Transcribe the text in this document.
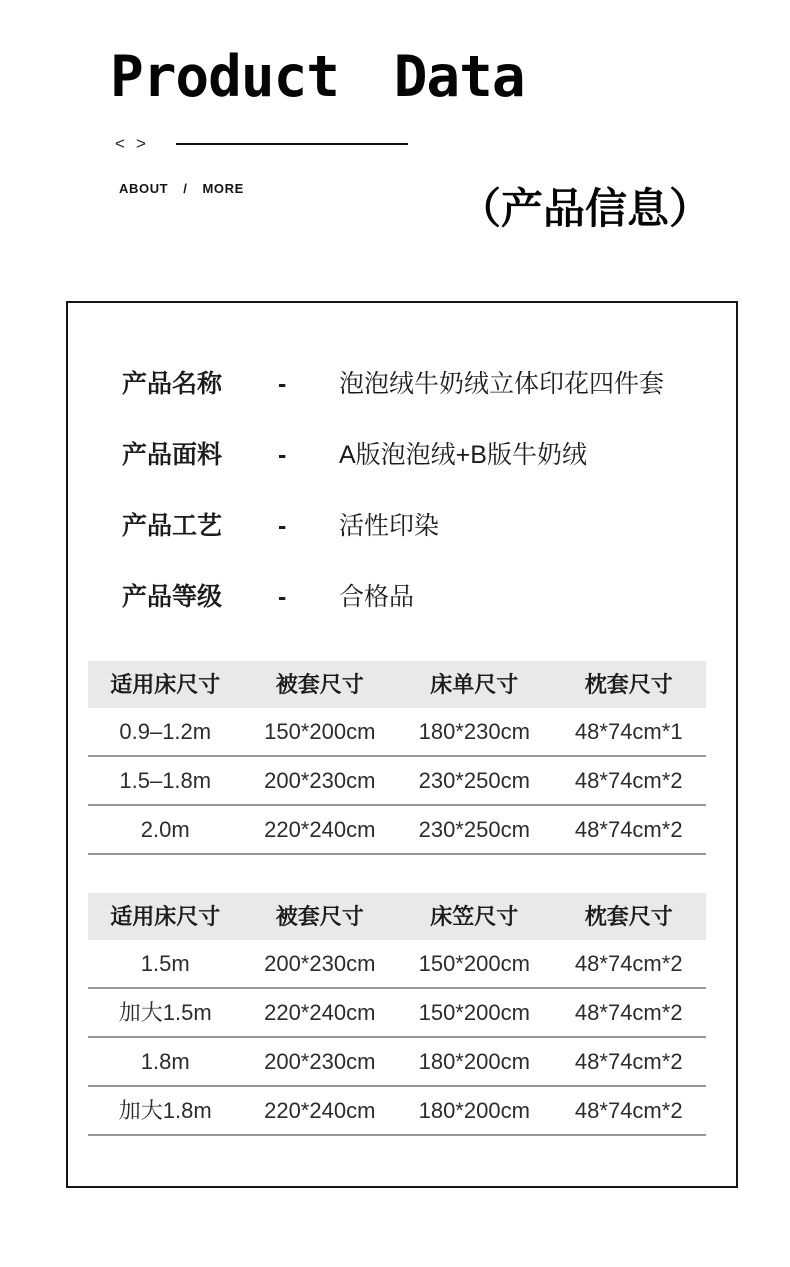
Product Data
< >
ABOUT / MORE	（产品信息）
产品名称	-	泡泡绒牛奶绒立体印花四件套
产品面料	-	A版泡泡绒+B版牛奶绒
产品工艺	-	活性印染
产品等级	-	合格品
适用床尺寸	被套尺寸	床单尺寸	枕套尺寸
0.9–1.2m	150*200cm	180*230cm	48*74cm*1
1.5–1.8m	200*230cm	230*250cm	48*74cm*2
2.0m	220*240cm	230*250cm	48*74cm*2
适用床尺寸	被套尺寸	床笠尺寸	枕套尺寸
1.5m	200*230cm	150*200cm	48*74cm*2
加大1.5m	220*240cm	150*200cm	48*74cm*2
1.8m	200*230cm	180*200cm	48*74cm*2
加大1.8m	220*240cm	180*200cm	48*74cm*2
